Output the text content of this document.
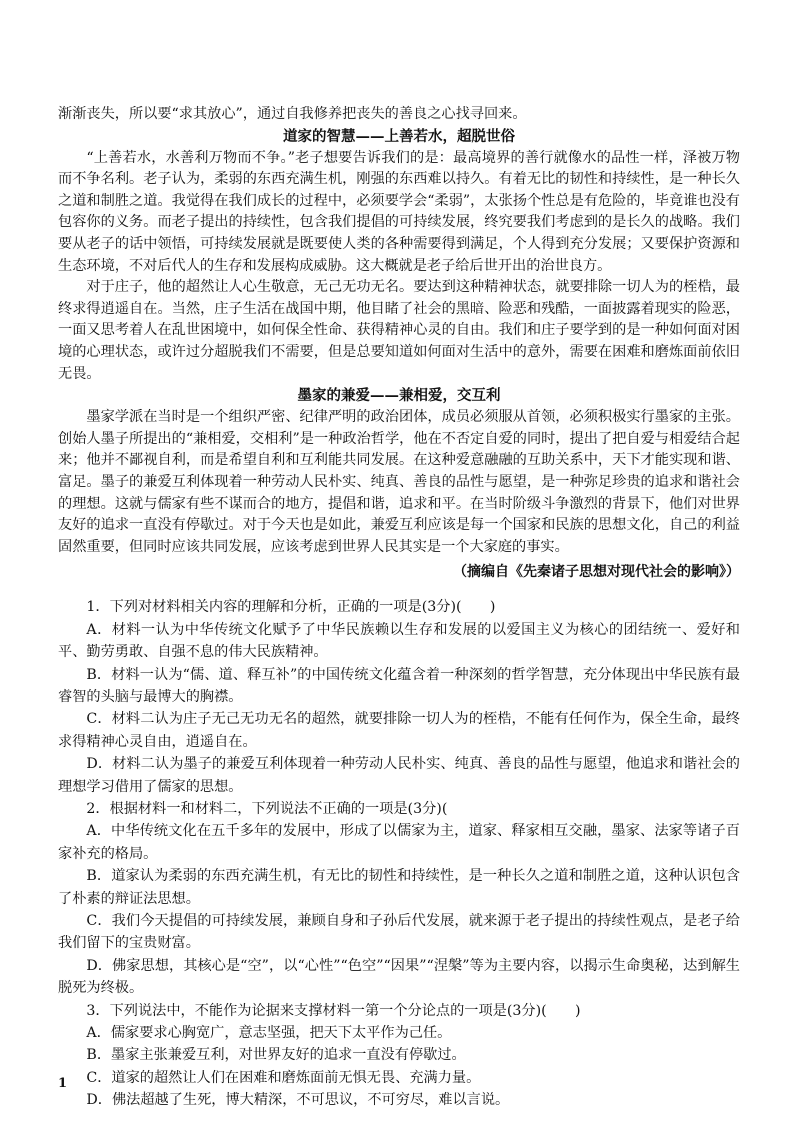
渐渐丧失，所以要“求其放心”，通过自我修养把丧失的善良之心找寻回来。

道家的智慧——上善若水，超脱世俗

“上善若水，水善利万物而不争。”老子想要告诉我们的是：最高境界的善行就像水的品性一样，泽被万物而不争名利。老子认为，柔弱的东西充满生机，刚强的东西难以持久。有着无比的韧性和持续性，是一种长久之道和制胜之道。我觉得在我们成长的过程中，必须要学会“柔弱”，太张扬个性总是有危险的，毕竟谁也没有包容你的义务。而老子提出的持续性，包含我们提倡的可持续发展，终究要我们考虑到的是长久的战略。我们要从老子的话中领悟，可持续发展就是既要使人类的各种需要得到满足，个人得到充分发展；又要保护资源和生态环境，不对后代人的生存和发展构成威胁。这大概就是老子给后世开出的治世良方。

对于庄子，他的超然让人心生敬意，无己无功无名。要达到这种精神状态，就要排除一切人为的桎梏，最终求得逍遥自在。当然，庄子生活在战国中期，他目睹了社会的黑暗、险恶和残酷，一面披露着现实的险恶，一面又思考着人在乱世困境中，如何保全性命、获得精神心灵的自由。我们和庄子要学到的是一种如何面对困境的心理状态，或许过分超脱我们不需要，但是总要知道如何面对生活中的意外，需要在困难和磨炼面前依旧无畏。

墨家的兼爱——兼相爱，交互利

墨家学派在当时是一个组织严密、纪律严明的政治团体，成员必须服从首领，必须积极实行墨家的主张。创始人墨子所提出的“兼相爱，交相利”是一种政治哲学，他在不否定自爱的同时，提出了把自爱与相爱结合起来；他并不鄙视自利，而是希望自利和互利能共同发展。在这种爱意融融的互助关系中，天下才能实现和谐、富足。墨子的兼爱互利体现着一种劳动人民朴实、纯真、善良的品性与愿望，是一种弥足珍贵的追求和谐社会的理想。这就与儒家有些不谋而合的地方，提倡和谐，追求和平。在当时阶级斗争激烈的背景下，他们对世界友好的追求一直没有停歇过。对于今天也是如此，兼爱互利应该是每一个国家和民族的思想文化，自己的利益固然重要，但同时应该共同发展，应该考虑到世界人民其实是一个大家庭的事实。

（摘编自《先秦诸子思想对现代社会的影响》）

1．下列对材料相关内容的理解和分析，正确的一项是(3分)(　　)

A．材料一认为中华传统文化赋予了中华民族赖以生存和发展的以爱国主义为核心的团结统一、爱好和平、勤劳勇敢、自强不息的伟大民族精神。

B．材料一认为“儒、道、释互补”的中国传统文化蕴含着一种深刻的哲学智慧，充分体现出中华民族有最睿智的头脑与最博大的胸襟。

C．材料二认为庄子无己无功无名的超然，就要排除一切人为的桎梏，不能有任何作为，保全生命，最终求得精神心灵自由，逍遥自在。

D．材料二认为墨子的兼爱互利体现着一种劳动人民朴实、纯真、善良的品性与愿望，他追求和谐社会的理想学习借用了儒家的思想。

2．根据材料一和材料二，下列说法不正确的一项是(3分)(

A．中华传统文化在五千多年的发展中，形成了以儒家为主，道家、释家相互交融，墨家、法家等诸子百家补充的格局。

B．道家认为柔弱的东西充满生机，有无比的韧性和持续性，是一种长久之道和制胜之道，这种认识包含了朴素的辩证法思想。

C．我们今天提倡的可持续发展，兼顾自身和子孙后代发展，就来源于老子提出的持续性观点，是老子给我们留下的宝贵财富。

D．佛家思想，其核心是“空”，以“心性”“色空”“因果”“涅槃”等为主要内容，以揭示生命奥秘，达到解生脱死为终极。

3．下列说法中，不能作为论据来支撑材料一第一个分论点的一项是(3分)(　　)

A．儒家要求心胸宽广，意志坚强，把天下太平作为己任。

B．墨家主张兼爱互利，对世界友好的追求一直没有停歇过。

C．道家的超然让人们在困难和磨炼面前无惧无畏、充满力量。

D．佛法超越了生死，博大精深，不可思议，不可穷尽，难以言说。

1
